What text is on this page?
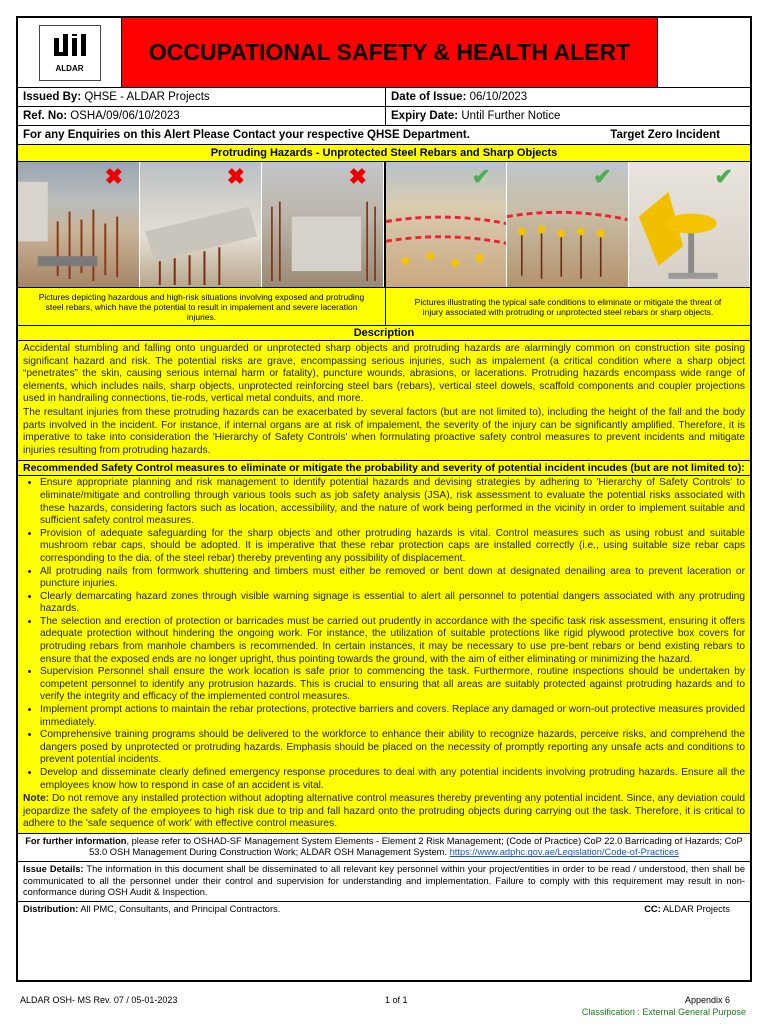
ALDAR
OCCUPATIONAL SAFETY & HEALTH ALERT
Issued By:
QHSE - ALDAR Projects	Date of Issue:
06/10/2023
Ref. No:
OSHA/09/06/10/2023	Expiry Date:
Until Further Notice
For any Enquiries on this Alert Please Contact your respective QHSE Department.	Target Zero Incident
Protruding Hazards - Unprotected Steel Rebars and Sharp Objects
✖	✖	✖	✔	✔	✔
Pictures depicting hazardous and high-risk situations involving exposed and protruding steel rebars, which have the potential to result in impalement and severe laceration injuries.
Pictures illustrating the typical safe conditions to eliminate or mitigate the threat of injury associated with protruding or unprotected steel rebars or sharp objects.
Description

Accidental stumbling and falling onto unguarded or unprotected sharp objects and protruding hazards are alarmingly common on construction site posing significant hazard and risk. The potential risks are grave, encompassing serious injuries, such as impalement (a critical condition where a sharp object “penetrates” the skin, causing serious internal harm or fatality), puncture wounds, abrasions, or lacerations. Protruding hazards encompass wide range of elements, which includes nails, sharp objects, unprotected reinforcing steel bars (rebars), vertical steel dowels, scaffold components and coupler projections used in handrailing connections, tie-rods, vertical metal conduits, and more.

The resultant injuries from these protruding hazards can be exacerbated by several factors (but are not limited to), including the height of the fall and the body parts involved in the incident. For instance, if internal organs are at risk of impalement, the severity of the injury can be significantly amplified. Therefore, it is imperative to take into consideration the 'Hierarchy of Safety Controls' when formulating proactive safety control measures to prevent incidents and mitigate injuries resulting from protruding hazards.

Recommended Safety Control measures to eliminate or mitigate the probability and severity of potential incident incudes (but are not limited to):
• Ensure appropriate planning and risk management to identify potential hazards and devising strategies by adhering to 'Hierarchy of Safety Controls' to eliminate/mitigate and controlling through various tools such as job safety analysis (JSA), risk assessment to evaluate the potential risks associated with these hazards, considering factors such as location, accessibility, and the nature of work being performed in the vicinity in order to implement suitable and sufficient safety control measures.
• Provision of adequate safeguarding for the sharp objects and other protruding hazards is vital. Control measures such as using robust and suitable mushroom rebar caps, should be adopted. It is imperative that these rebar protection caps are installed correctly (i.e., using suitable size rebar caps corresponding to the dia. of the steel rebar) thereby preventing any possibility of displacement.
• All protruding nails from formwork shuttering and timbers must either be removed or bent down at designated denailing area to prevent laceration or puncture injuries.
• Clearly demarcating hazard zones through visible warning signage is essential to alert all personnel to potential dangers associated with any protruding hazards.
• The selection and erection of protection or barricades must be carried out prudently in accordance with the specific task risk assessment, ensuring it offers adequate protection without hindering the ongoing work. For instance, the utilization of suitable protections like rigid plywood protective box covers for protruding rebars from manhole chambers is recommended. In certain instances, it may be necessary to use pre-bent rebars or bend existing rebars to ensure that the exposed ends are no longer upright, thus pointing towards the ground, with the aim of either eliminating or minimizing the hazard.
• Supervision Personnel shall ensure the work location is safe prior to commencing the task. Furthermore, routine inspections should be undertaken by competent personnel to identify any protrusion hazards. This is crucial to ensuring that all areas are suitably protected against protruding hazards and to verify the integrity and efficacy of the implemented control measures.
• Implement prompt actions to maintain the rebar protections, protective barriers and covers. Replace any damaged or worn-out protective measures provided immediately.
• Comprehensive training programs should be delivered to the workforce to enhance their ability to recognize hazards, perceive risks, and comprehend the dangers posed by unprotected or protruding hazards. Emphasis should be placed on the necessity of promptly reporting any unsafe acts and conditions to prevent potential incidents.
• Develop and disseminate clearly defined emergency response procedures to deal with any potential incidents involving protruding hazards. Ensure all the employees know how to respond in case of an accident is vital.

Note: Do not remove any installed protection without adopting alternative control measures thereby preventing any potential incident. Since, any deviation could jeopardize the safety of the employees to high risk due to trip and fall hazard onto the protruding objects during carrying out the task. Therefore, it is critical to adhere to the 'safe sequence of work' with effective control measures.

For further information, please refer to OSHAD-SF Management System Elements - Element 2 Risk Management; (Code of Practice) CoP 22.0 Barricading of Hazards; CoP 53.0 OSH Management During Construction Work; ALDAR OSH Management System. https://www.adphc.gov.ae/Legislation/Code-of-Practices
Issue Details: The information in this document shall be disseminated to all relevant key personnel within your project/entities in order to be read / understood, then shall be communicated to all the personnel under their control and supervision for understanding and implementation. Failure to comply with this requirement may result in non-conformance during OSH Audit & Inspection.
Distribution: All PMC, Consultants, and Principal Contractors.	CC: ALDAR Projects
ALDAR OSH- MS Rev. 07 / 05-01-2023	1 of 1	Appendix 6
Classification : External General Purpose
